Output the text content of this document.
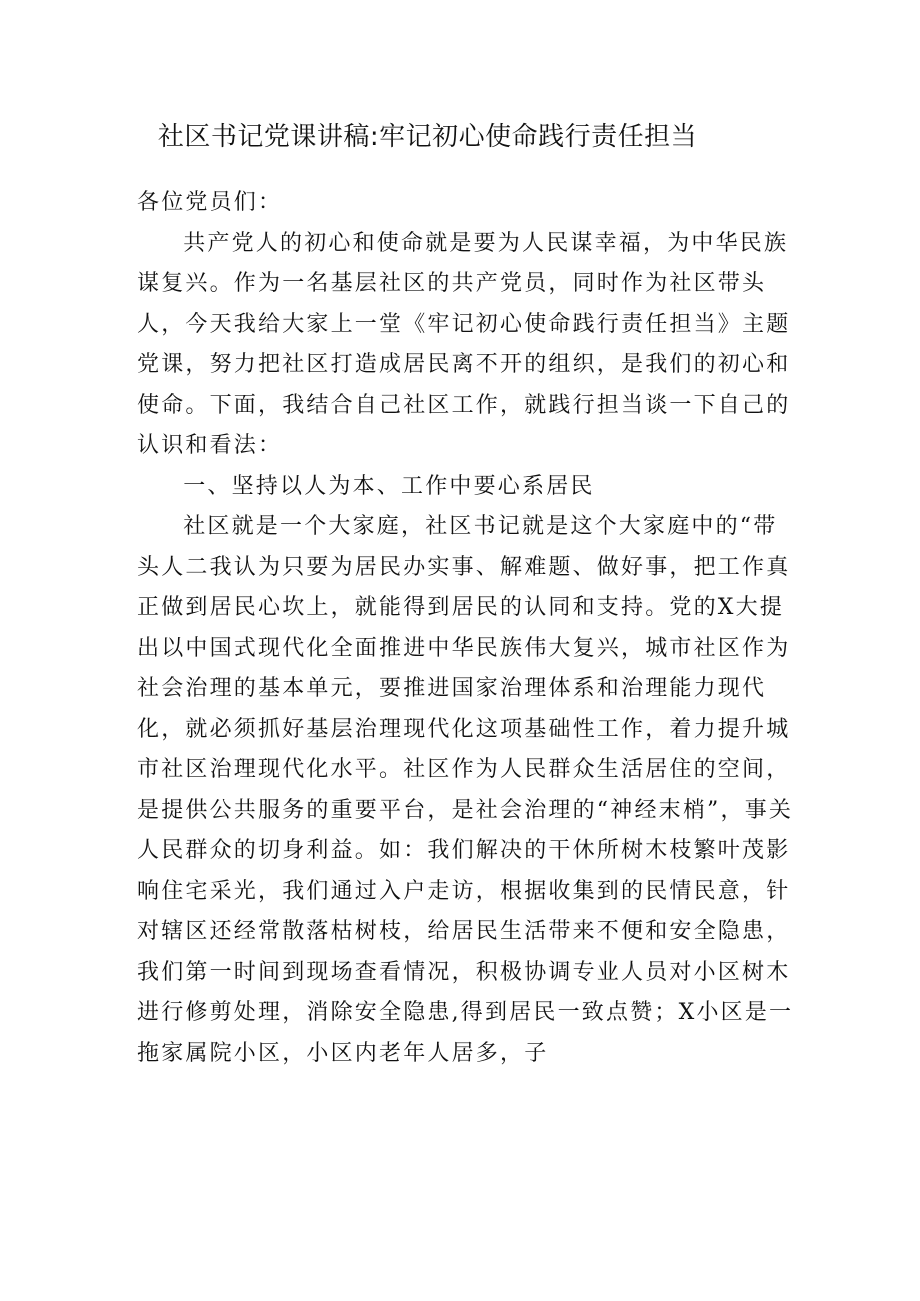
社区书记党课讲稿:牢记初心使命践行责任担当

各位党员们：

共产党人的初心和使命就是要为人民谋幸福，为中华民族谋复兴。作为一名基层社区的共产党员，同时作为社区带头人，今天我给大家上一堂《牢记初心使命践行责任担当》主题党课，努力把社区打造成居民离不开的组织，是我们的初心和使命。下面，我结合自己社区工作，就践行担当谈一下自己的认识和看法：

一、坚持以人为本、工作中要心系居民

社区就是一个大家庭，社区书记就是这个大家庭中的“带头人二我认为只要为居民办实事、解难题、做好事，把工作真正做到居民心坎上，就能得到居民的认同和支持。党的X大提出以中国式现代化全面推进中华民族伟大复兴，城市社区作为社会治理的基本单元，要推进国家治理体系和治理能力现代化，就必须抓好基层治理现代化这项基础性工作，着力提升城市社区治理现代化水平。社区作为人民群众生活居住的空间，是提供公共服务的重要平台，是社会治理的“神经末梢”，事关人民群众的切身利益。如：我们解决的干休所树木枝繁叶茂影响住宅采光，我们通过入户走访，根据收集到的民情民意，针对辖区还经常散落枯树枝，给居民生活带来不便和安全隐患，我们第一时间到现场查看情况，积极协调专业人员对小区树木进行修剪处理，消除安全隐患,得到居民一致点赞；X小区是一拖家属院小区，小区内老年人居多，子
